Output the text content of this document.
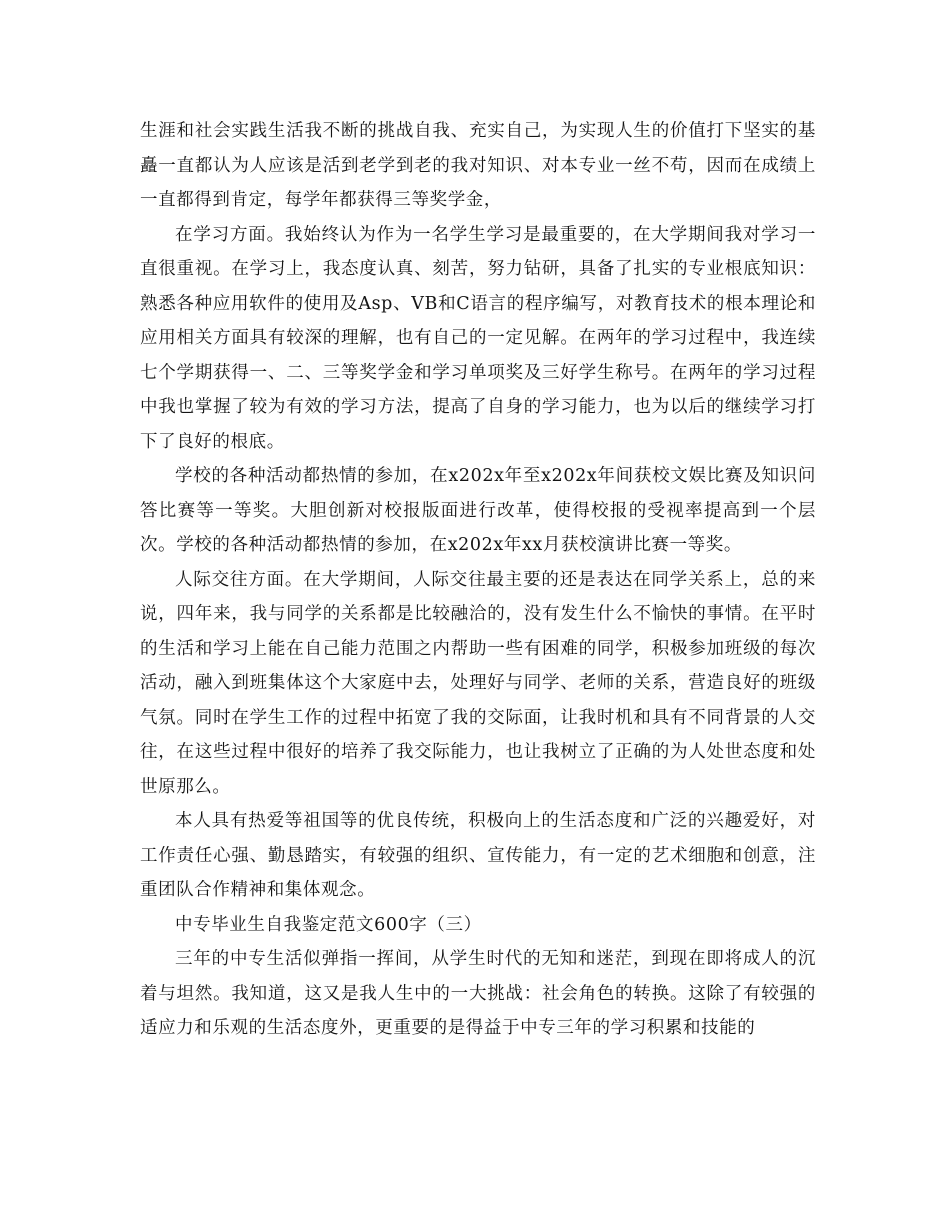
生涯和社会实践生活我不断的挑战自我、充实自己，为实现人生的价值打下坚实的基矗一直都认为人应该是活到老学到老的我对知识、对本专业一丝不苟，因而在成绩上一直都得到肯定，每学年都获得三等奖学金，

在学习方面。我始终认为作为一名学生学习是最重要的，在大学期间我对学习一直很重视。在学习上，我态度认真、刻苦，努力钻研，具备了扎实的专业根底知识：熟悉各种应用软件的使用及Asp、VB和C语言的程序编写，对教育技术的根本理论和应用相关方面具有较深的理解，也有自己的一定见解。在两年的学习过程中，我连续七个学期获得一、二、三等奖学金和学习单项奖及三好学生称号。在两年的学习过程中我也掌握了较为有效的学习方法，提高了自身的学习能力，也为以后的继续学习打下了良好的根底。

学校的各种活动都热情的参加，在x202x年至x202x年间获校文娱比赛及知识问答比赛等一等奖。大胆创新对校报版面进行改革，使得校报的受视率提高到一个层次。学校的各种活动都热情的参加，在x202x年xx月获校演讲比赛一等奖。

人际交往方面。在大学期间，人际交往最主要的还是表达在同学关系上，总的来说，四年来，我与同学的关系都是比较融洽的，没有发生什么不愉快的事情。在平时的生活和学习上能在自己能力范围之内帮助一些有困难的同学，积极参加班级的每次活动，融入到班集体这个大家庭中去，处理好与同学、老师的关系，营造良好的班级气氛。同时在学生工作的过程中拓宽了我的交际面，让我时机和具有不同背景的人交往，在这些过程中很好的培养了我交际能力，也让我树立了正确的为人处世态度和处世原那么。

本人具有热爱等祖国等的优良传统，积极向上的生活态度和广泛的兴趣爱好，对工作责任心强、勤恳踏实，有较强的组织、宣传能力，有一定的艺术细胞和创意，注重团队合作精神和集体观念。

中专毕业生自我鉴定范文600字（三）

三年的中专生活似弹指一挥间，从学生时代的无知和迷茫，到现在即将成人的沉着与坦然。我知道，这又是我人生中的一大挑战：社会角色的转换。这除了有较强的适应力和乐观的生活态度外，更重要的是得益于中专三年的学习积累和技能的
